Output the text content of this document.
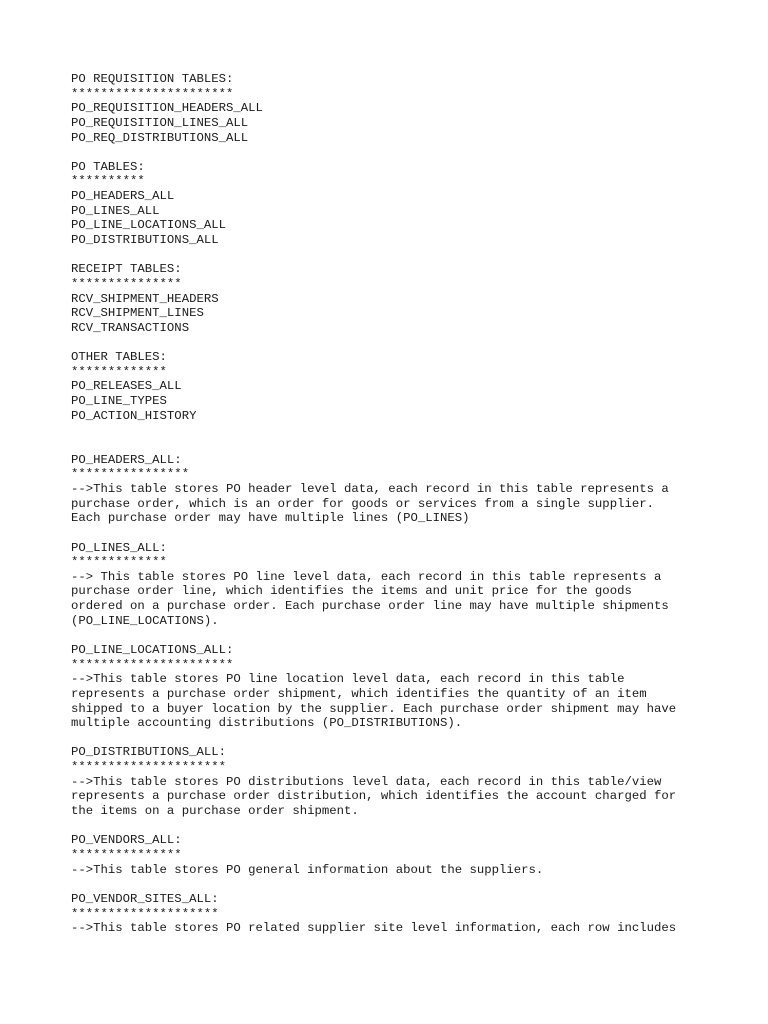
PO REQUISITION TABLES:
**********************
PO_REQUISITION_HEADERS_ALL
PO_REQUISITION_LINES_ALL
PO_REQ_DISTRIBUTIONS_ALL
PO TABLES:
**********
PO_HEADERS_ALL
PO_LINES_ALL
PO_LINE_LOCATIONS_ALL
PO_DISTRIBUTIONS_ALL
RECEIPT TABLES:
***************
RCV_SHIPMENT_HEADERS
RCV_SHIPMENT_LINES
RCV_TRANSACTIONS
OTHER TABLES:
*************
PO_RELEASES_ALL
PO_LINE_TYPES
PO_ACTION_HISTORY
PO_HEADERS_ALL:
****************
-->This table stores PO header level data, each record in this table represents a
purchase order, which is an order for goods or services from a single supplier.
Each purchase order may have multiple lines (PO_LINES)
PO_LINES_ALL:
*************
--> This table stores PO line level data, each record in this table represents a
purchase order line, which identifies the items and unit price for the goods
ordered on a purchase order. Each purchase order line may have multiple shipments
(PO_LINE_LOCATIONS).
PO_LINE_LOCATIONS_ALL:
**********************
-->This table stores PO line location level data, each record in this table
represents a purchase order shipment, which identifies the quantity of an item
shipped to a buyer location by the supplier. Each purchase order shipment may have
multiple accounting distributions (PO_DISTRIBUTIONS).
PO_DISTRIBUTIONS_ALL:
*********************
-->This table stores PO distributions level data, each record in this table/view
represents a purchase order distribution, which identifies the account charged for
the items on a purchase order shipment.
PO_VENDORS_ALL:
***************
-->This table stores PO general information about the suppliers.
PO_VENDOR_SITES_ALL:
********************
-->This table stores PO related supplier site level information, each row includes
